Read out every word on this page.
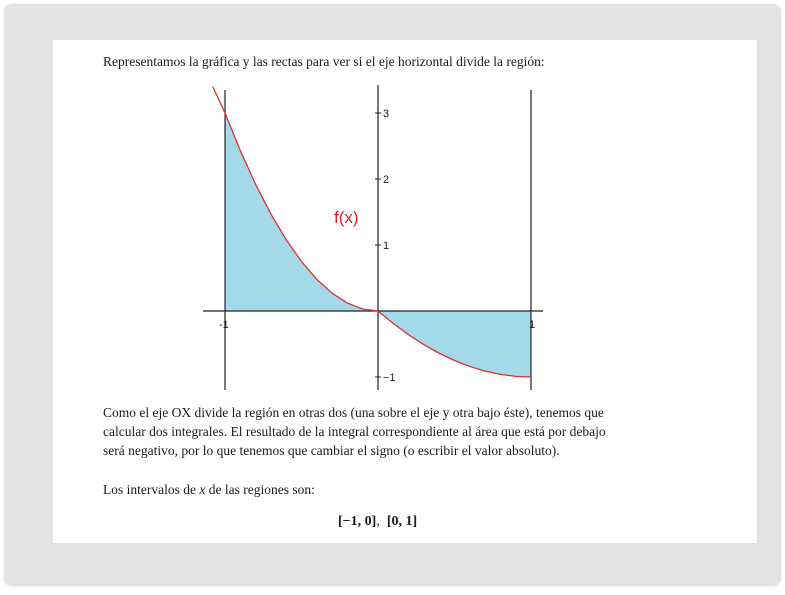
Representamos la gráfica y las rectas para ver si el eje horizontal divide la región:

3
2
1
−1
-1	1
f(x)
Como el eje OX divide la región en otras dos (una sobre el eje y otra bajo éste), tenemos que
calcular dos integrales. El resultado de la integral correspondiente al área que está por debajo
será negativo, por lo que tenemos que cambiar el signo (o escribir el valor absoluto).

Los intervalos de x de las regiones son:

[−1, 0],  [0, 1]
